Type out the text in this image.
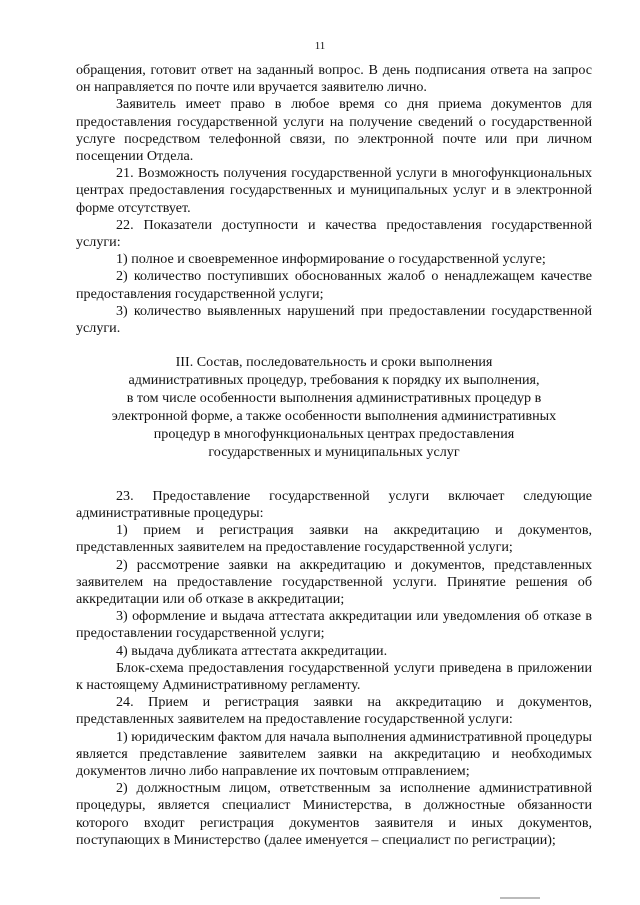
11

обращения, готовит ответ на заданный вопрос. В день подписания ответа на запрос он направляется по почте или вручается заявителю лично.

Заявитель имеет право в любое время со дня приема документов для предоставления государственной услуги на получение сведений о государственной услуге посредством телефонной связи, по электронной почте или при личном посещении Отдела.

21. Возможность получения государственной услуги в многофункциональных центрах предоставления государственных и муниципальных услуг и в электронной форме отсутствует.

22. Показатели доступности и качества предоставления государственной услуги:

1) полное и своевременное информирование о государственной услуге;

2) количество поступивших обоснованных жалоб о ненадлежащем качестве предоставления государственной услуги;

3) количество выявленных нарушений при предоставлении государственной услуги.

III. Состав, последовательность и сроки выполнения
административных процедур, требования к порядку их выполнения,
в том числе особенности выполнения административных процедур в
электронной форме, а также особенности выполнения административных
процедур в многофункциональных центрах предоставления
государственных и муниципальных услуг

23. Предоставление государственной услуги включает следующие административные процедуры:

1) прием и регистрация заявки на аккредитацию и документов, представленных заявителем на предоставление государственной услуги;

2) рассмотрение заявки на аккредитацию и документов, представленных заявителем на предоставление государственной услуги. Принятие решения об аккредитации или об отказе в аккредитации;

3) оформление и выдача аттестата аккредитации или уведомления об отказе в предоставлении государственной услуги;

4) выдача дубликата аттестата аккредитации.

Блок-схема предоставления государственной услуги приведена в приложении к настоящему Административному регламенту.

24. Прием и регистрация заявки на аккредитацию и документов, представленных заявителем на предоставление государственной услуги:

1) юридическим фактом для начала выполнения административной процедуры является представление заявителем заявки на аккредитацию и необходимых документов лично либо направление их почтовым отправлением;

2) должностным лицом, ответственным за исполнение административной процедуры, является специалист Министерства, в должностные обязанности которого входит регистрация документов заявителя и иных документов, поступающих в Министерство (далее именуется – специалист по регистрации);
